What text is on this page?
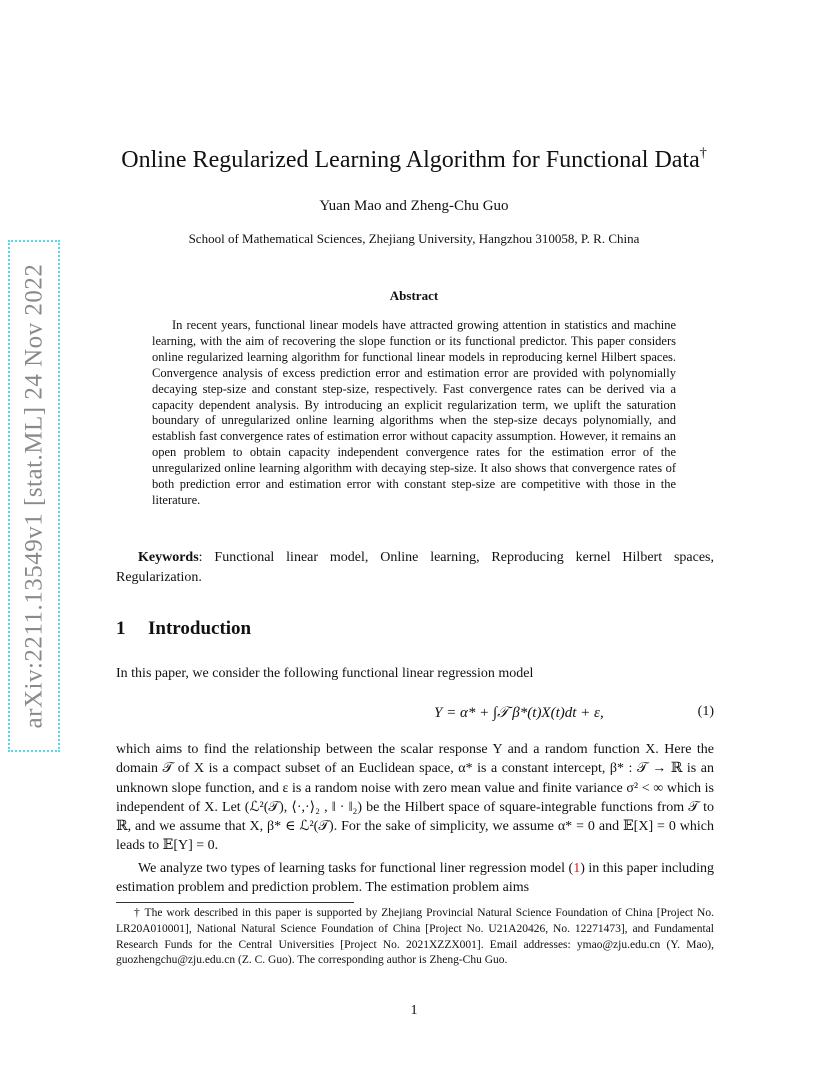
arXiv:2211.13549v1 [stat.ML] 24 Nov 2022
Online Regularized Learning Algorithm for Functional Data†
Yuan Mao and Zheng-Chu Guo
School of Mathematical Sciences, Zhejiang University, Hangzhou 310058, P. R. China
Abstract

In recent years, functional linear models have attracted growing attention in statistics and machine learning, with the aim of recovering the slope function or its functional predictor. This paper considers online regularized learning algorithm for functional linear models in reproducing kernel Hilbert spaces. Convergence analysis of excess prediction error and estimation error are provided with polynomially decaying step-size and constant step-size, respectively. Fast convergence rates can be derived via a capacity dependent analysis. By introducing an explicit regularization term, we uplift the saturation boundary of unregularized online learning algorithms when the step-size decays polynomially, and establish fast convergence rates of estimation error without capacity assumption. However, it remains an open problem to obtain capacity independent convergence rates for the estimation error of the unregularized online learning algorithm with decaying step-size. It also shows that convergence rates of both prediction error and estimation error with constant step-size are competitive with those in the literature.

Keywords: Functional linear model, Online learning, Reproducing kernel Hilbert spaces, Regularization.

1 Introduction

In this paper, we consider the following functional linear regression model

Y = α* + ∫𝒯 β*(t)X(t)dt + ε,	(1)

which aims to find the relationship between the scalar response Y and a random function X. Here the domain 𝒯 of X is a compact subset of an Euclidean space, α* is a constant intercept, β* : 𝒯 → ℝ is an unknown slope function, and ε is a random noise with zero mean value and finite variance σ² < ∞ which is independent of X. Let (ℒ²(𝒯), ⟨·,·⟩₂ , ‖ · ‖₂) be the Hilbert space of square-integrable functions from 𝒯 to ℝ, and we assume that X, β* ∈ ℒ²(𝒯). For the sake of simplicity, we assume α* = 0 and 𝔼[X] = 0 which leads to 𝔼[Y] = 0.

We analyze two types of learning tasks for functional liner regression model (1) in this paper including estimation problem and prediction problem. The estimation problem aims

† The work described in this paper is supported by Zhejiang Provincial Natural Science Foundation of China [Project No. LR20A010001], National Natural Science Foundation of China [Project No. U21A20426, No. 12271473], and Fundamental Research Funds for the Central Universities [Project No. 2021XZZX001]. Email addresses: ymao@zju.edu.cn (Y. Mao), guozhengchu@zju.edu.cn (Z. C. Guo). The corresponding author is Zheng-Chu Guo.

1
